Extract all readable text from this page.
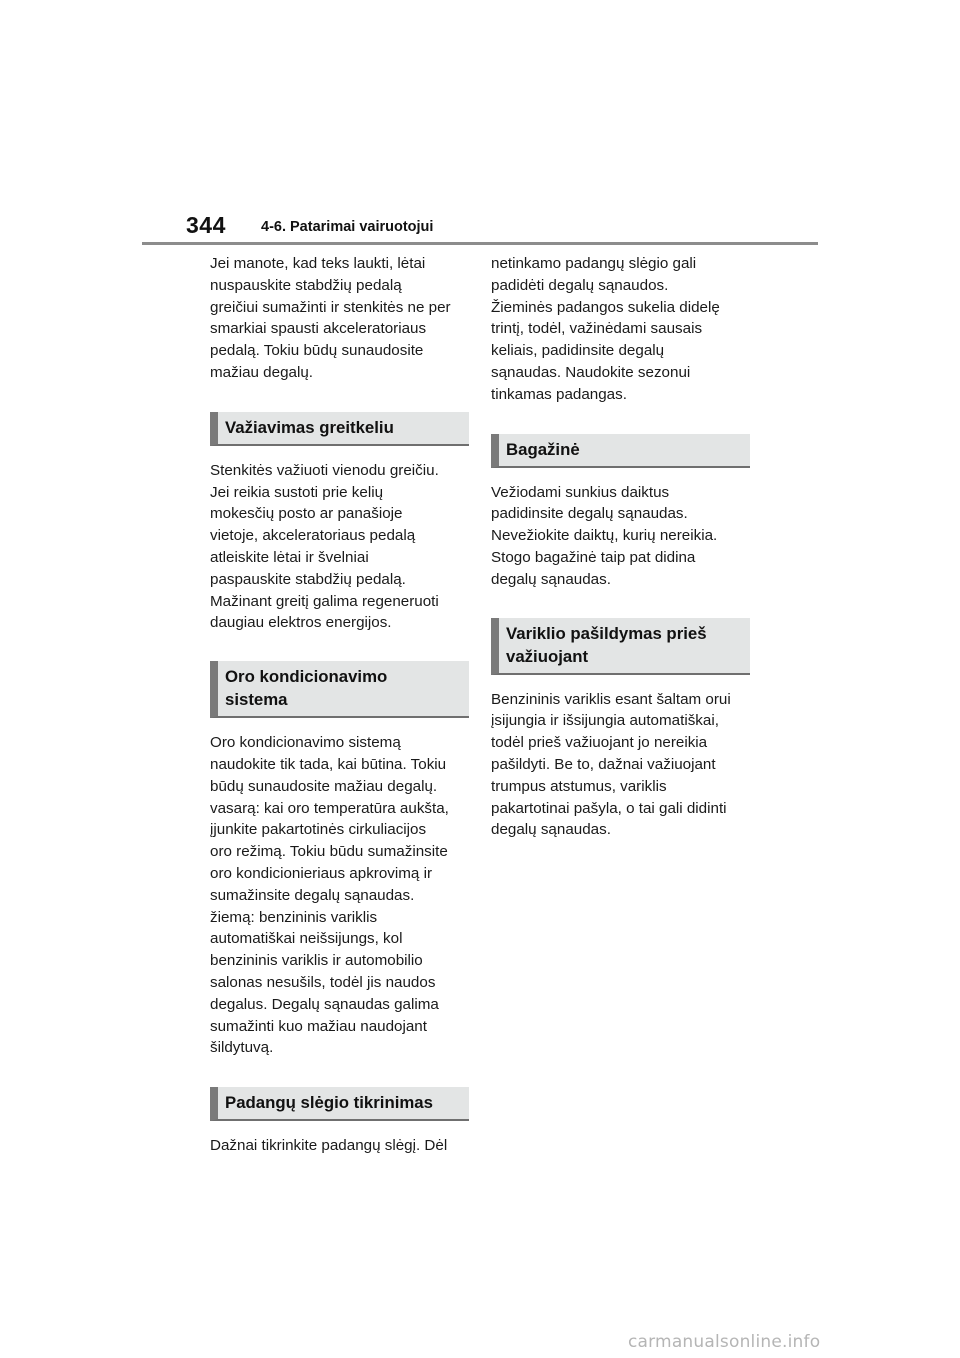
344 4-6. Patarimai vairuotojui

Jei manote, kad teks laukti, lėtai
nuspauskite stabdžių pedalą
greičiui sumažinti ir stenkitės ne per
smarkiai spausti akceleratoriaus
pedalą. Tokiu būdų sunaudosite
mažiau degalų.

Važiavimas greitkeliu

Stenkitės važiuoti vienodu greičiu.
Jei reikia sustoti prie kelių
mokesčių posto ar panašioje
vietoje, akceleratoriaus pedalą
atleiskite lėtai ir švelniai
paspauskite stabdžių pedalą.
Mažinant greitį galima regeneruoti
daugiau elektros energijos.

Oro kondicionavimo
sistema

Oro kondicionavimo sistemą
naudokite tik tada, kai būtina. Tokiu
būdų sunaudosite mažiau degalų.
vasarą: kai oro temperatūra aukšta,
įjunkite pakartotinės cirkuliacijos
oro režimą. Tokiu būdu sumažinsite
oro kondicionieriaus apkrovimą ir
sumažinsite degalų sąnaudas.
žiemą: benzininis variklis
automatiškai neišsijungs, kol
benzininis variklis ir automobilio
salonas nesušils, todėl jis naudos
degalus. Degalų sąnaudas galima
sumažinti kuo mažiau naudojant
šildytuvą.

Padangų slėgio tikrinimas

Dažnai tikrinkite padangų slėgį. Dėl

netinkamo padangų slėgio gali
padidėti degalų sąnaudos.
Žieminės padangos sukelia didelę
trintį, todėl, važinėdami sausais
keliais, padidinsite degalų
sąnaudas. Naudokite sezonui
tinkamas padangas.

Bagažinė

Vežiodami sunkius daiktus
padidinsite degalų sąnaudas.
Nevežiokite daiktų, kurių nereikia.
Stogo bagažinė taip pat didina
degalų sąnaudas.

Variklio pašildymas prieš
važiuojant

Benzininis variklis esant šaltam orui
įsijungia ir išsijungia automatiškai,
todėl prieš važiuojant jo nereikia
pašildyti. Be to, dažnai važiuojant
trumpus atstumus, variklis
pakartotinai pašyla, o tai gali didinti
degalų sąnaudas.

carmanualsonline.info
